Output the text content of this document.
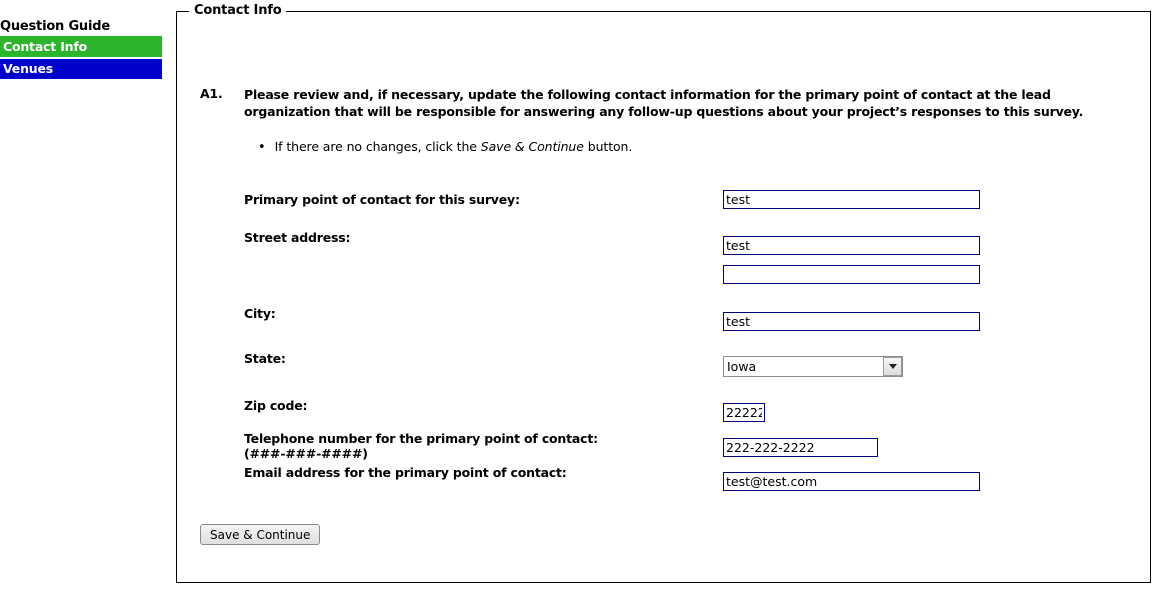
Question Guide
Contact Info
Venues
Contact Info
A1. Please review and, if necessary, update the following contact information for the primary point of contact at the lead organization that will be responsible for answering any follow-up questions about your project’s responses to this survey.
•
If there are no changes, click the Save & Continue button.
Primary point of contact for this survey:
test
Street address:
test
City:
test
State:
Iowa
Zip code:
22222
Telephone number for the primary point of contact:
(###-###-####)
222-222-2222
Email address for the primary point of contact:
test@test.com
Save & Continue
